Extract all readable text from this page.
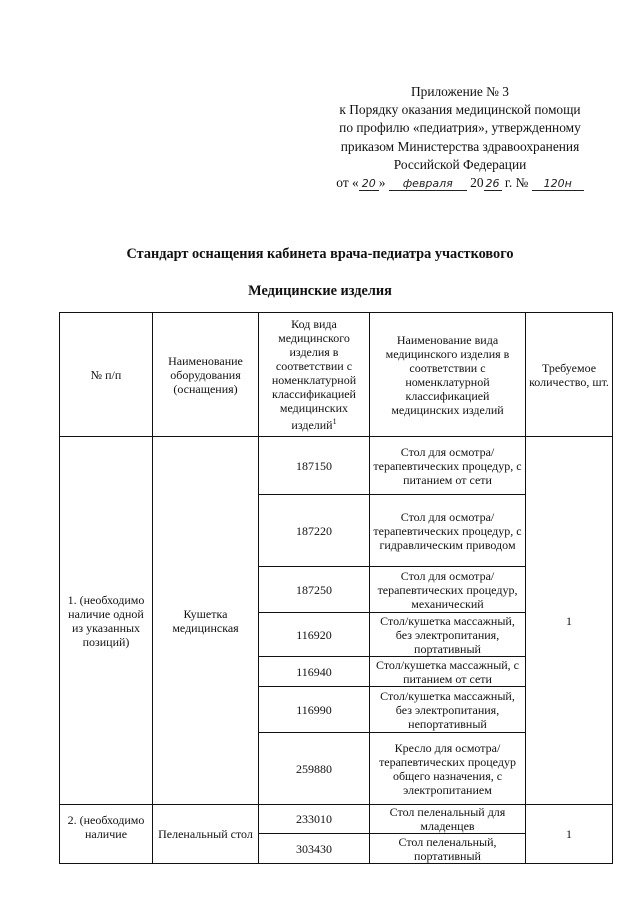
Приложение № 3
к Порядку оказания медицинской помощи
по профилю «педиатрия», утвержденному
приказом Министерства здравоохранения
Российской Федерации
от « 20 » февраля 20 26 г. № 120н
Стандарт оснащения кабинета врача-педиатра участкового
Медицинские изделия
№ п/п	Наименование оборудования (оснащения)	Код вида медицинского изделия в соответствии с номенклатурной классификацией медицинских изделий$^1$	Наименование вида медицинского изделия в соответствии с номенклатурной классификацией медицинских изделий	Требуемое количество, шт.
1. (необходимо наличие одной из указанных позиций)	Кушетка медицинская	187150	Стол для осмотра/терапевтических процедур, с питанием от сети	1
		187220	Стол для осмотра/терапевтических процедур, с гидравлическим приводом	
		187250	Стол для осмотра/терапевтических процедур, механический	
		116920	Стол/кушетка массажный, без электропитания, портативный	
		116940	Стол/кушетка массажный, с питанием от сети	
		116990	Стол/кушетка массажный, без электропитания, непортативный	
		259880	Кресло для осмотра/терапевтических процедур общего назначения, с электропитанием	
2. (необходимо наличие	Пеленальный стол	233010	Стол пеленальный для младенцев	1
		303430	Стол пеленальный, портативный	
